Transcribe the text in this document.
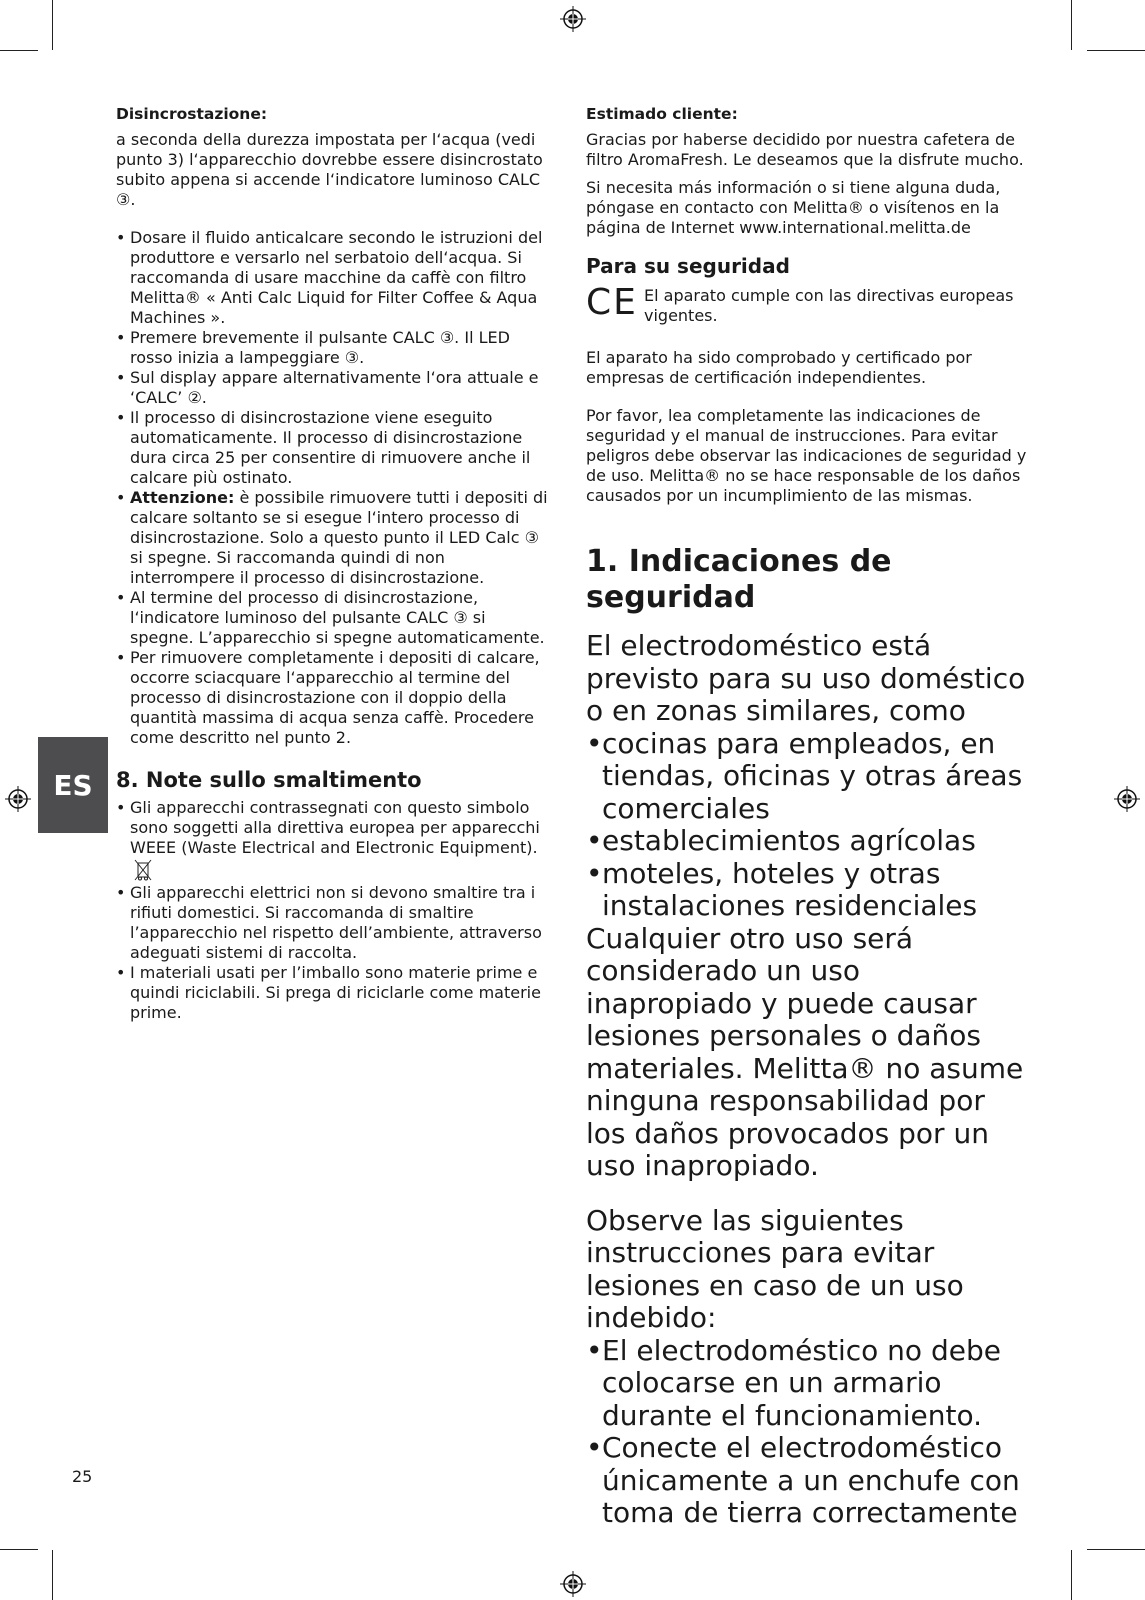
ES
Disincrostazione:

a seconda della durezza impostata per l‘acqua (vedi punto 3) l‘apparecchio dovrebbe essere disincrostato subito appena si accende l‘indicatore luminoso CALC ③.

• Dosare il fluido anticalcare secondo le istruzioni del produttore e versarlo nel serbatoio dell‘acqua. Si raccomanda di usare macchine da caffè con filtro Melitta® « Anti Calc Liquid for Filter Coffee & Aqua Machines ».
• Premere brevemente il pulsante CALC ③. Il LED rosso inizia a lampeggiare ③.
• Sul display appare alternativamente l‘ora attuale e ‘CALC’ ②.
• Il processo di disincrostazione viene eseguito automaticamente. Il processo di disincrostazione dura circa 25 per consentire di rimuovere anche il calcare più ostinato.
• Attenzione: è possibile rimuovere tutti i depositi di calcare soltanto se si esegue l‘intero processo di disincrostazione. Solo a questo punto il LED Calc ③ si spegne. Si raccomanda quindi di non interrompere il processo di disincrostazione.
• Al termine del processo di disincrostazione, l‘indicatore luminoso del pulsante CALC ③ si spegne. L’apparecchio si spegne automaticamente.
• Per rimuovere completamente i depositi di calcare, occorre sciacquare l‘apparecchio al termine del processo di disincrostazione con il doppio della quantità massima di acqua senza caffè. Procedere come descritto nel punto 2.
8. Note sullo smaltimento
• Gli apparecchi contrassegnati con questo simbolo sono soggetti alla direttiva europea per apparecchi WEEE (Waste Electrical and Electronic Equipment).
• Gli apparecchi elettrici non si devono smaltire tra i rifiuti domestici. Si raccomanda di smaltire l’apparecchio nel rispetto dell’ambiente, attraverso adeguati sistemi di raccolta.
• I materiali usati per l’imballo sono materie prime e quindi riciclabili. Si prega di riciclarle come materie prime.
Estimado cliente:

Gracias por haberse decidido por nuestra cafetera de filtro AromaFresh. Le deseamos que la disfrute mucho.

Si necesita más información o si tiene alguna duda, póngase en contacto con Melitta® o visítenos en la página de Internet www.international.melitta.de

Para su seguridad
CE El aparato cumple con las directivas europeas vigentes.

El aparato ha sido comprobado y certificado por empresas de certificación independientes.

Por favor, lea completamente las indicaciones de seguridad y el manual de instrucciones. Para evitar peligros debe observar las indicaciones de seguridad y de uso. Melitta® no se hace responsable de los daños causados por un incumplimiento de las mismas.

1. Indicaciones de seguridad

El electrodoméstico está previsto para su uso doméstico o en zonas similares, como

• cocinas para empleados, en tiendas, oficinas y otras áreas comerciales
• establecimientos agrícolas
• moteles, hoteles y otras instalaciones residenciales

Cualquier otro uso será considerado un uso inapropiado y puede causar lesiones personales o daños materiales. Melitta® no asume ninguna responsabilidad por los daños provocados por un uso inapropiado.

Observe las siguientes instrucciones para evitar lesiones en caso de un uso indebido:

• El electrodoméstico no debe colocarse en un armario durante el funcionamiento.
• Conecte el electrodoméstico únicamente a un enchufe con toma de tierra correctamente
25
